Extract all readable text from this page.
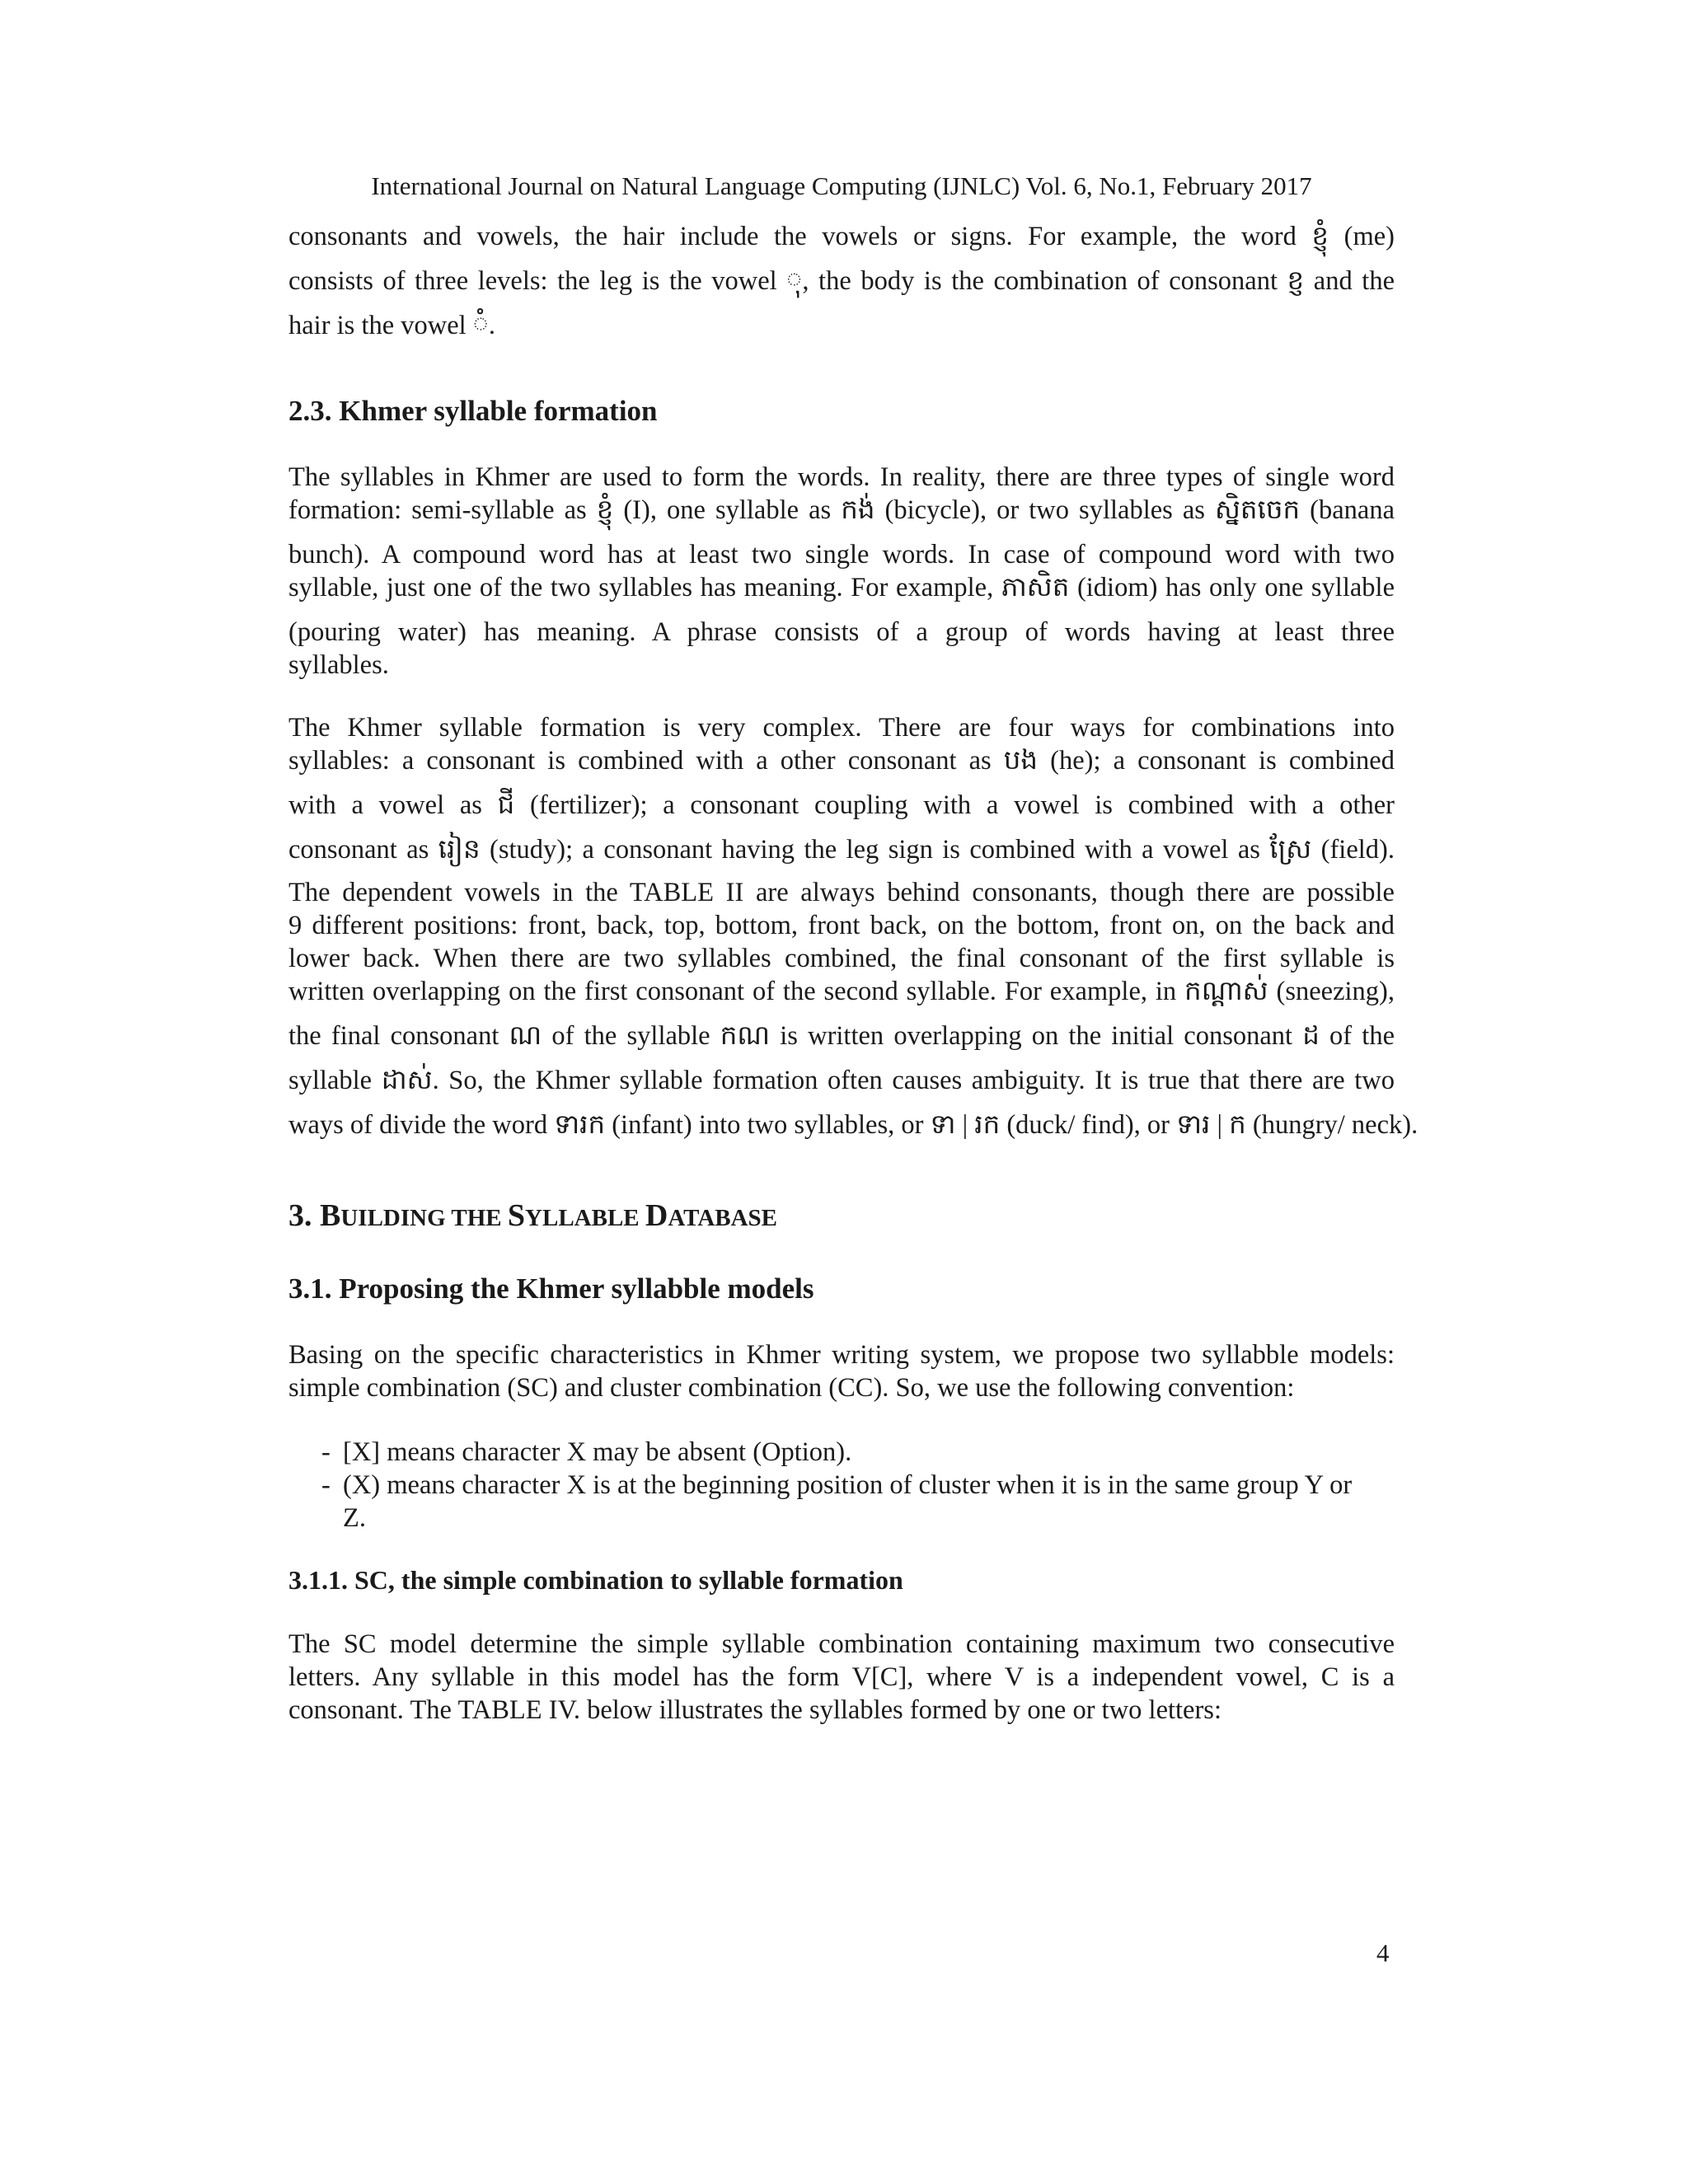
International Journal on Natural Language Computing (IJNLC) Vol. 6, No.1, February 2017
consonants and vowels, the hair include the vowels or signs. For example, the word ខ្ញុំ (me)
consists of three levels: the leg is the vowel ុ, the body is the combination of consonant ខ្ញ and the
hair is the vowel ំ.
2.3. Khmer syllable formation
The syllables in Khmer are used to form the words. In reality, there are three types of single word
formation: semi-syllable as ខ្ញុំ (I), one syllable as កង់ (bicycle), or two syllables as ស្និតចេក (banana
bunch). A compound word has at least two single words. In case of compound word with two
syllable, just one of the two syllables has meaning. For example, ភាសិត (idiom) has only one syllable
(pouring water) has meaning. A phrase consists of a group of words having at least three
syllables.
The Khmer syllable formation is very complex. There are four ways for combinations into
syllables: a consonant is combined with a other consonant as បង (he); a consonant is combined
with a vowel as ជី (fertilizer); a consonant coupling with a vowel is combined with a other
consonant as រៀន (study); a consonant having the leg sign is combined with a vowel as ស្រែ (field).
The dependent vowels in the TABLE II are always behind consonants, though there are possible
9 different positions: front, back, top, bottom, front back, on the bottom, front on, on the back and
lower back. When there are two syllables combined, the final consonant of the first syllable is
written overlapping on the first consonant of the second syllable. For example, in កណ្តាស់ (sneezing),
the final consonant ណ of the syllable កណ is written overlapping on the initial consonant ដ of the
syllable ដាស់. So, the Khmer syllable formation often causes ambiguity. It is true that there are two
ways of divide the word ទារក (infant) into two syllables, or ទា | រក (duck/ find), or ទារ | ក (hungry/ neck).
3. BUILDING THE SYLLABLE DATABASE
3.1. Proposing the Khmer syllabble models
Basing on the specific characteristics in Khmer writing system, we propose two syllabble models:
simple combination (SC) and cluster combination (CC). So, we use the following convention:
- [X] means character X may be absent (Option).
- (X) means character X is at the beginning position of cluster when it is in the same group Y or Z.
3.1.1. SC, the simple combination to syllable formation
The SC model determine the simple syllable combination containing maximum two consecutive
letters. Any syllable in this model has the form V[C], where V is a independent vowel, C is a
consonant. The TABLE IV. below illustrates the syllables formed by one or two letters:
4
